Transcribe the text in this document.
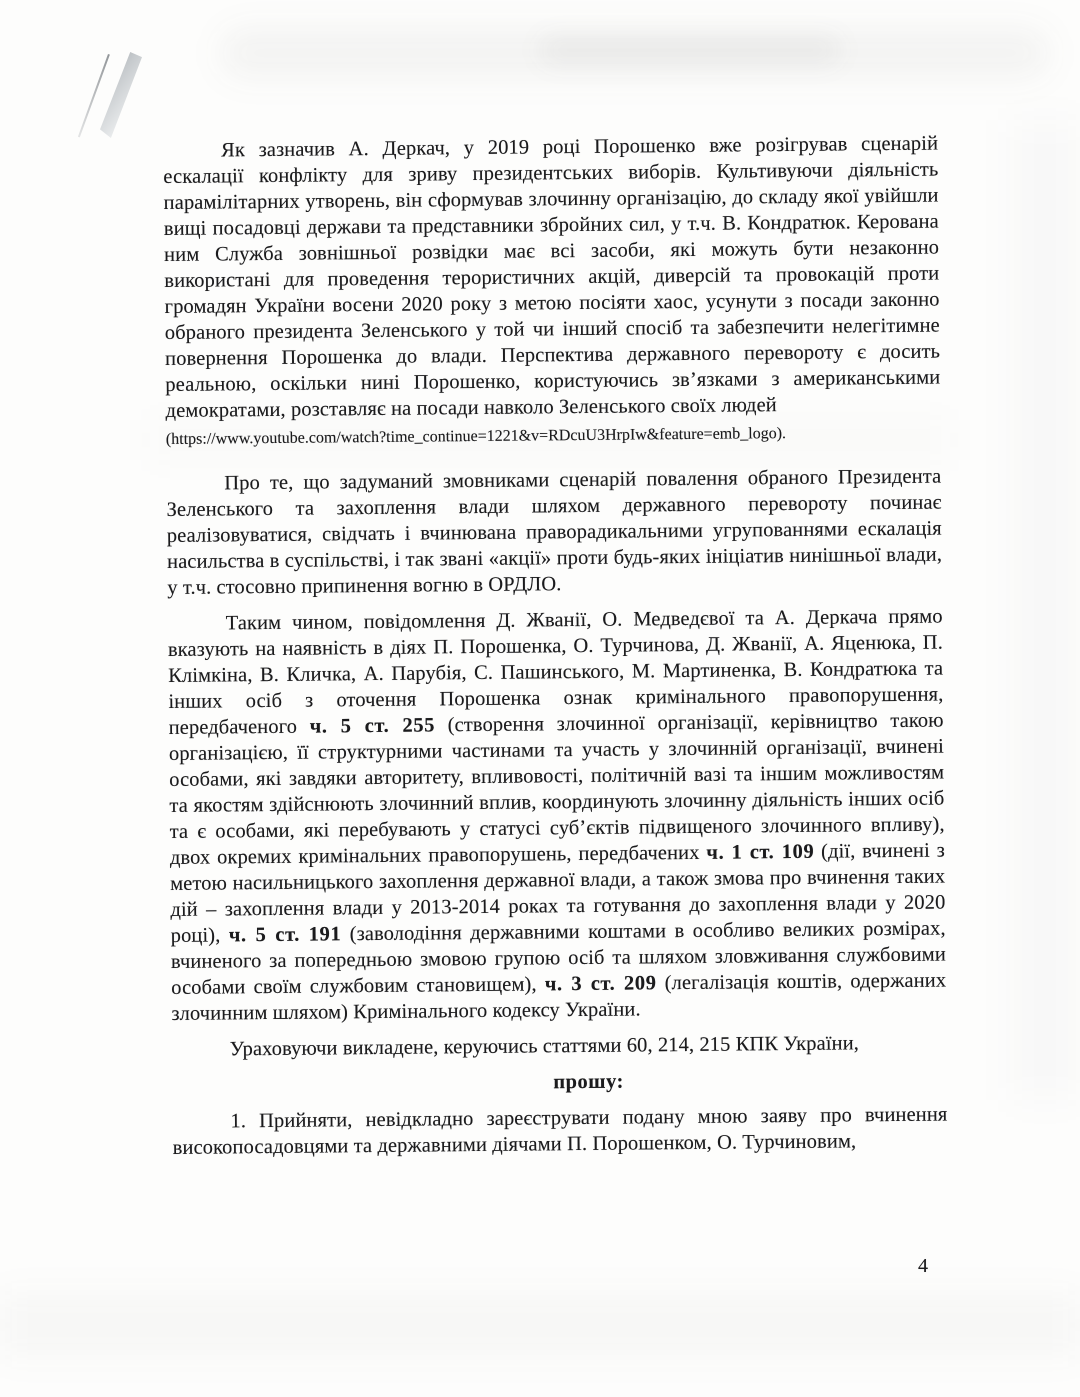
Як зазначив А. Деркач, у 2019 році Порошенко вже розігрував сценарій ескалації конфлікту для зриву президентських виборів. Культивуючи діяльність парамілітарних утворень, він сформував злочинну організацію, до складу якої увійшли вищі посадовці держави та представники збройних сил, у т.ч. В. Кондратюк. Керована ним Служба зовнішньої розвідки має всі засоби, які можуть бути незаконно використані для проведення терористичних акцій, диверсій та провокацій проти громадян України восени 2020 року з метою посіяти хаос, усунути з посади законно обраного президента Зеленського у той чи інший спосіб та забезпечити нелегітимне повернення Порошенка до влади. Перспектива державного перевороту є досить реальною, оскільки нині Порошенко, користуючись зв’язками з американськими демократами, розставляє на посади навколо Зеленського своїх людей
(https://www.youtube.com/watch?time_continue=1221&v=RDcuU3HrpIw&feature=emb_logo).

Про те, що задуманий змовниками сценарій повалення обраного Президента Зеленського та захоплення влади шляхом державного перевороту починає реалізовуватися, свідчать і вчинювана праворадикальними угрупованнями ескалація насильства в суспільстві, і так звані «акції» проти будь-яких ініціатив нинішньої влади, у т.ч. стосовно припинення вогню в ОРДЛО.

Таким чином, повідомлення Д. Жванії, О. Медведєвої та А. Деркача прямо вказують на наявність в діях П. Порошенка, О. Турчинова, Д. Жванії, А. Яценюка, П. Клімкіна, В. Кличка, А. Парубія, С. Пашинського, М. Мартиненка, В. Кондратюка та інших осіб з оточення Порошенка ознак кримінального правопорушення, передбаченого ч. 5 ст. 255 (створення злочинної організації, керівництво такою організацією, її структурними частинами та участь у злочинній організації, вчинені особами, які завдяки авторитету, впливовості, політичній вазі та іншим можливостям та якостям здійснюють злочинний вплив, координують злочинну діяльність інших осіб та є особами, які перебувають у статусі суб’єктів підвищеного злочинного впливу), двох окремих кримінальних правопорушень, передбачених ч. 1 ст. 109 (дії, вчинені з метою насильницького захоплення державної влади, а також змова про вчинення таких дій – захоплення влади у 2013-2014 роках та готування до захоплення влади у 2020 році), ч. 5 ст. 191 (заволодіння державними коштами в особливо великих розмірах, вчиненого за попередньою змовою групою осіб та шляхом зловживання службовими особами своїм службовим становищем), ч. 3 ст. 209 (легалізація коштів, одержаних злочинним шляхом) Кримінального кодексу України.

Ураховуючи викладене, керуючись статтями 60, 214, 215 КПК України,

прошу:

1. Прийняти, невідкладно зареєструвати подану мною заяву про вчинення високопосадовцями та державними діячами П. Порошенком, О. Турчиновим,

4
